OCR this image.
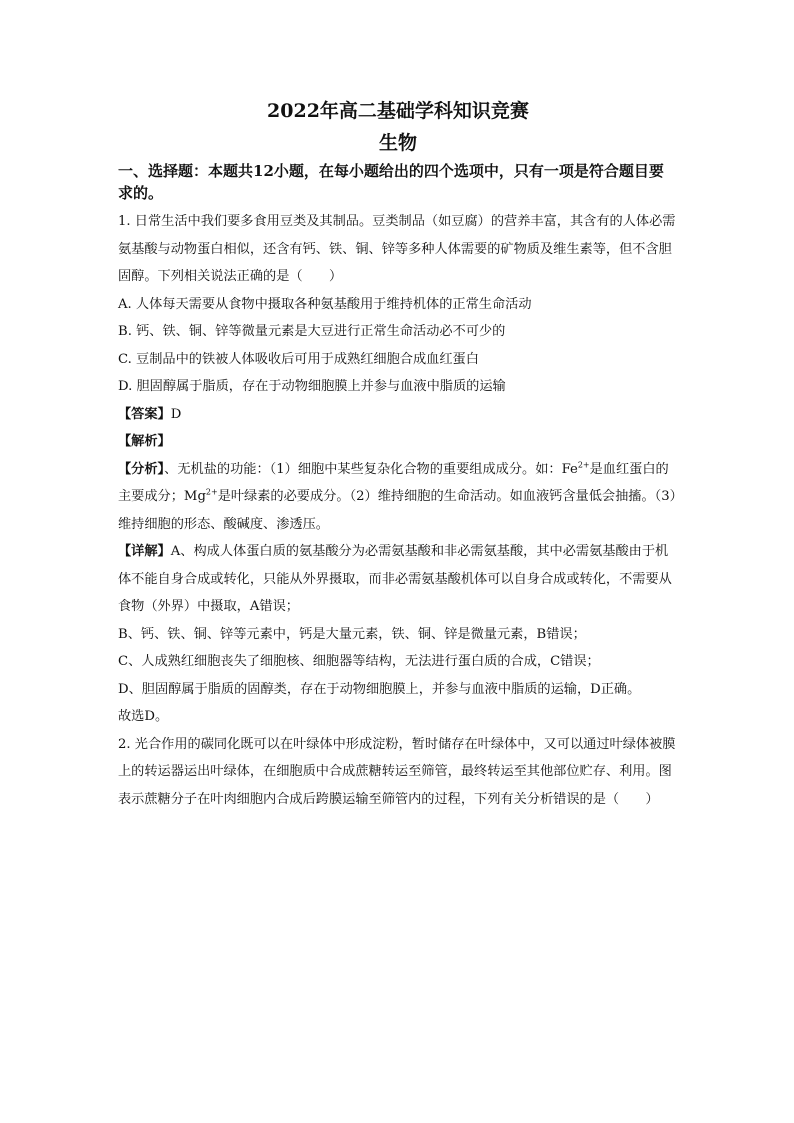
2022年高二基础学科知识竞赛

生物

一、选择题：本题共12小题，在每小题给出的四个选项中，只有一项是符合题目要求的。

1. 日常生活中我们要多食用豆类及其制品。豆类制品（如豆腐）的营养丰富，其含有的人体必需氨基酸与动物蛋白相似，还含有钙、铁、铜、锌等多种人体需要的矿物质及维生素等，但不含胆固醇。下列相关说法正确的是（　　）

A. 人体每天需要从食物中摄取各种氨基酸用于维持机体的正常生命活动

B. 钙、铁、铜、锌等微量元素是大豆进行正常生命活动必不可少的

C. 豆制品中的铁被人体吸收后可用于成熟红细胞合成血红蛋白

D. 胆固醇属于脂质，存在于动物细胞膜上并参与血液中脂质的运输

【答案】D

【解析】

【分析】、无机盐的功能：（1）细胞中某些复杂化合物的重要组成成分。如：$Fe^{2+}$是血红蛋白的主要成分；$Mg^{2+}$是叶绿素的必要成分。（2）维持细胞的生命活动。如血液钙含量低会抽搐。（3）维持细胞的形态、酸碱度、渗透压。

【详解】A、构成人体蛋白质的氨基酸分为必需氨基酸和非必需氨基酸，其中必需氨基酸由于机体不能自身合成或转化，只能从外界摄取，而非必需氨基酸机体可以自身合成或转化，不需要从食物（外界）中摄取，A错误；

B、钙、铁、铜、锌等元素中，钙是大量元素，铁、铜、锌是微量元素，B错误；

C、人成熟红细胞丧失了细胞核、细胞器等结构，无法进行蛋白质的合成，C错误；

D、胆固醇属于脂质的固醇类，存在于动物细胞膜上，并参与血液中脂质的运输，D正确。

故选D。

2. 光合作用的碳同化既可以在叶绿体中形成淀粉，暂时储存在叶绿体中，又可以通过叶绿体被膜上的转运器运出叶绿体，在细胞质中合成蔗糖转运至筛管，最终转运至其他部位贮存、利用。图表示蔗糖分子在叶肉细胞内合成后跨膜运输至筛管内的过程，下列有关分析错误的是（　　）
